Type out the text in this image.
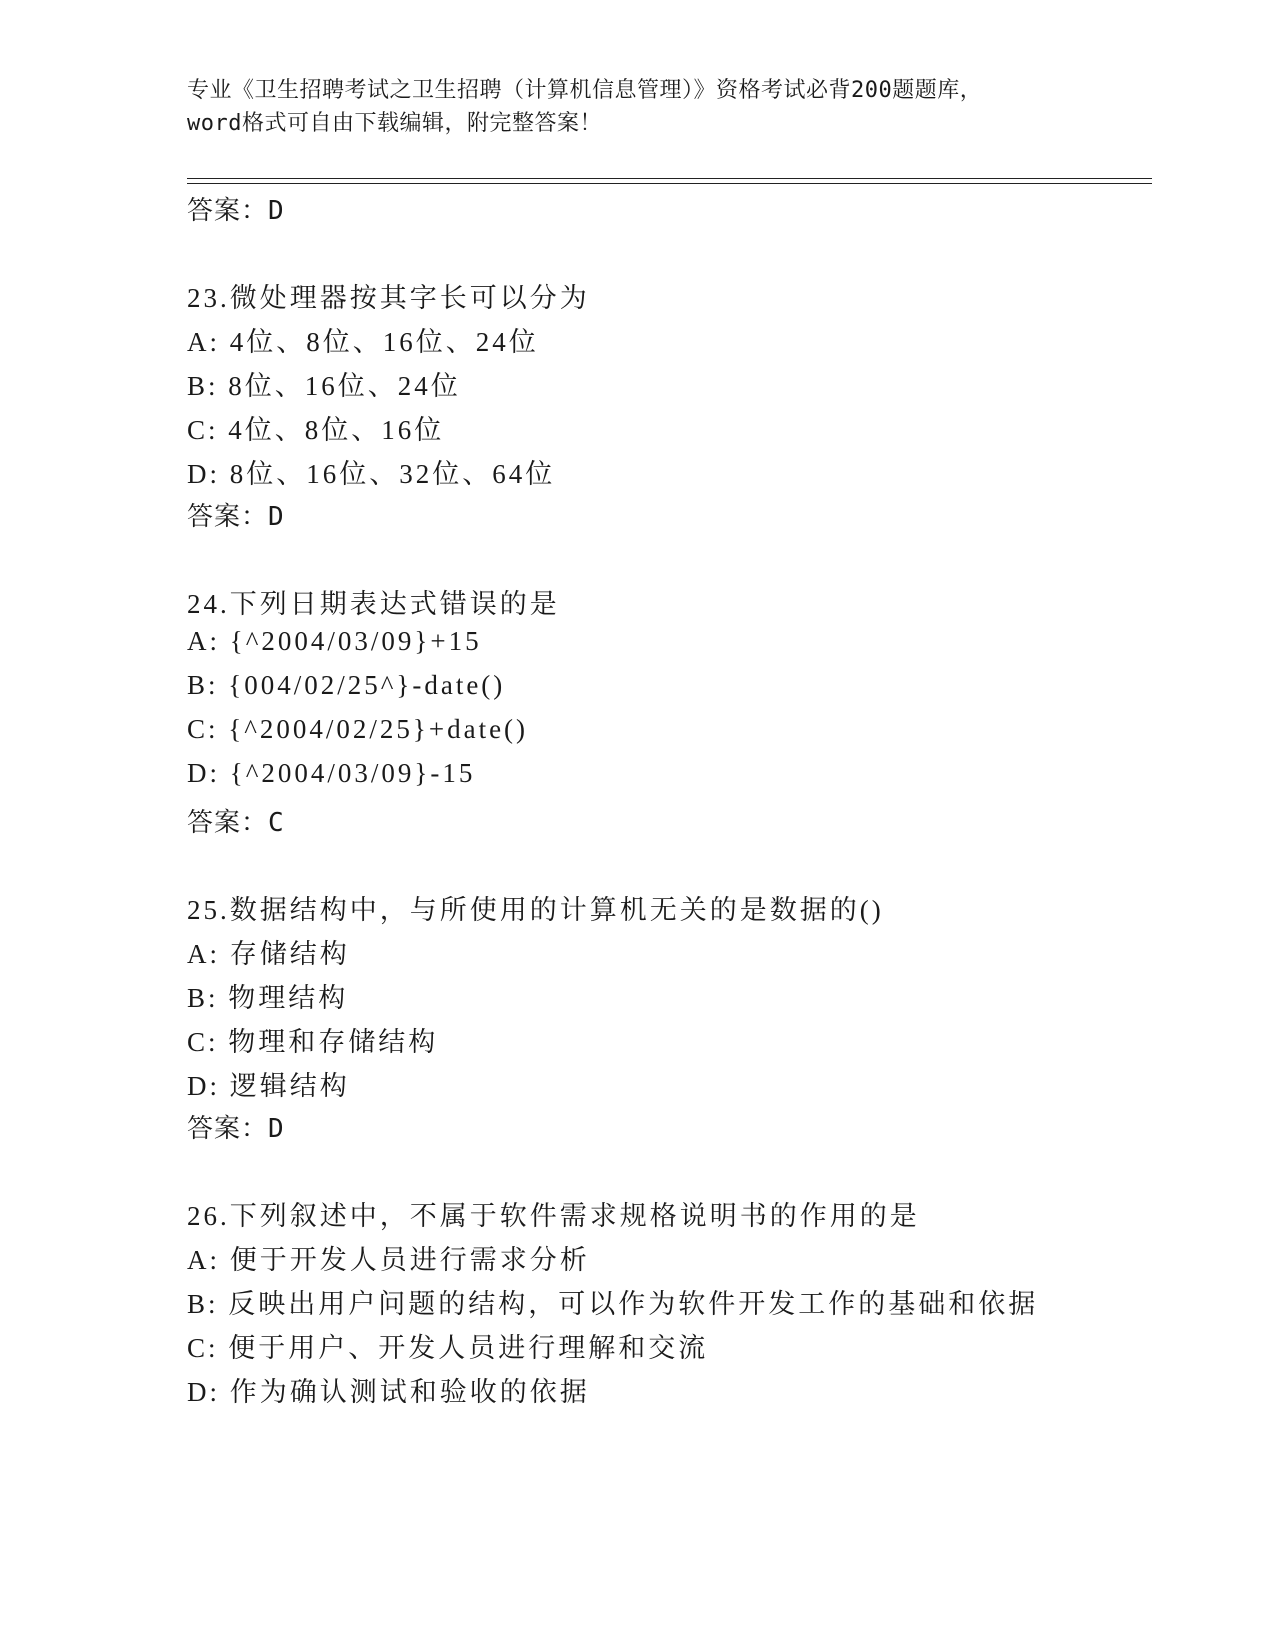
专业《卫生招聘考试之卫生招聘（计算机信息管理）》资格考试必背200题题库，
word格式可自由下载编辑，附完整答案！
答案：D
23.微处理器按其字长可以分为
A: 4位、8位、16位、24位
B: 8位、16位、24位
C: 4位、8位、16位
D: 8位、16位、32位、64位
答案：D
24.下列日期表达式错误的是
A: {^2004/03/09}+15
B: {004/02/25^}-date()
C: {^2004/02/25}+date()
D: {^2004/03/09}-15
答案：C
25.数据结构中，与所使用的计算机无关的是数据的()
A: 存储结构
B: 物理结构
C: 物理和存储结构
D: 逻辑结构
答案：D
26.下列叙述中，不属于软件需求规格说明书的作用的是
A: 便于开发人员进行需求分析
B: 反映出用户问题的结构，可以作为软件开发工作的基础和依据
C: 便于用户、开发人员进行理解和交流
D: 作为确认测试和验收的依据
